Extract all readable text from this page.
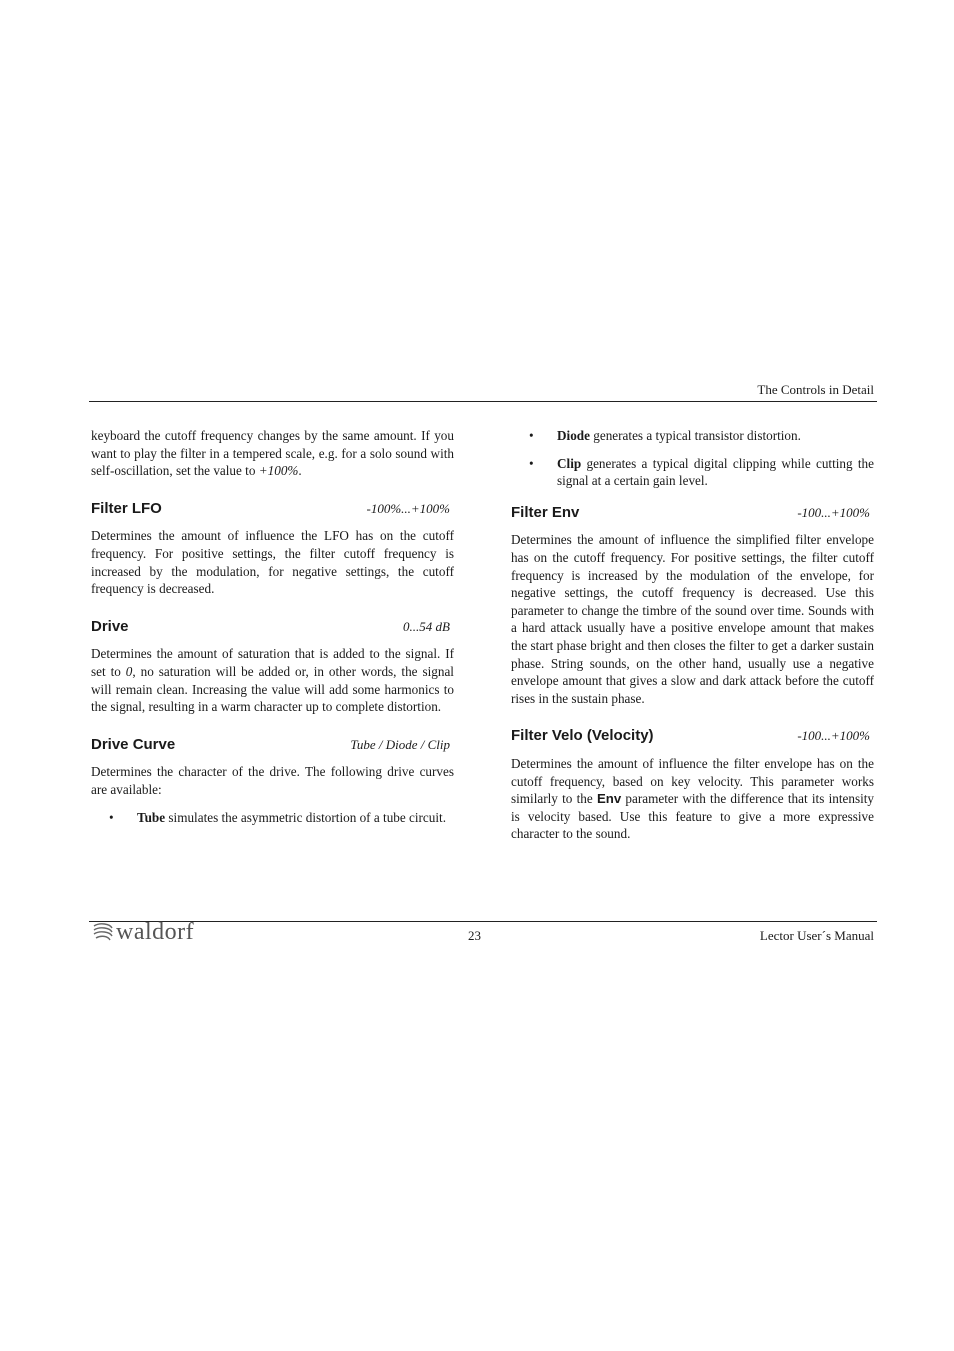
The Controls in Detail

keyboard the cutoff frequency changes by the same amount. If you want to play the filter in a tempered scale, e.g. for a solo sound with self-oscillation, set the value to +100%.

Filter LFO	-100%...+100%

Determines the amount of influence the LFO has on the cutoff frequency. For positive settings, the filter cutoff frequency is increased by the modulation, for negative settings, the cutoff frequency is decreased.

Drive	0...54 dB

Determines the amount of saturation that is added to the signal. If set to 0, no saturation will be added or, in other words, the signal will remain clean. Increasing the value will add some harmonics to the signal, resulting in a warm character up to complete distortion.

Drive Curve	Tube / Diode / Clip

Determines the character of the drive. The following drive curves are available:

• Tube simulates the asymmetric distortion of a tube circuit.
• Diode generates a typical transistor distortion.
• Clip generates a typical digital clipping while cutting the signal at a certain gain level.
Filter Env	-100...+100%

Determines the amount of influence the simplified filter envelope has on the cutoff frequency. For positive settings, the filter cutoff frequency is increased by the modulation of the envelope, for negative settings, the cutoff frequency is decreased. Use this parameter to change the timbre of the sound over time. Sounds with a hard attack usually have a positive envelope amount that makes the start phase bright and then closes the filter to get a darker sustain phase. String sounds, on the other hand, usually use a negative envelope amount that gives a slow and dark attack before the cutoff rises in the sustain phase.

Filter Velo (Velocity)	-100...+100%

Determines the amount of influence the filter envelope has on the cutoff frequency, based on key velocity. This parameter works similarly to the Env parameter with the difference that its intensity is velocity based. Use this feature to give a more expressive character to the sound.

waldorf	23	Lector User´s Manual
